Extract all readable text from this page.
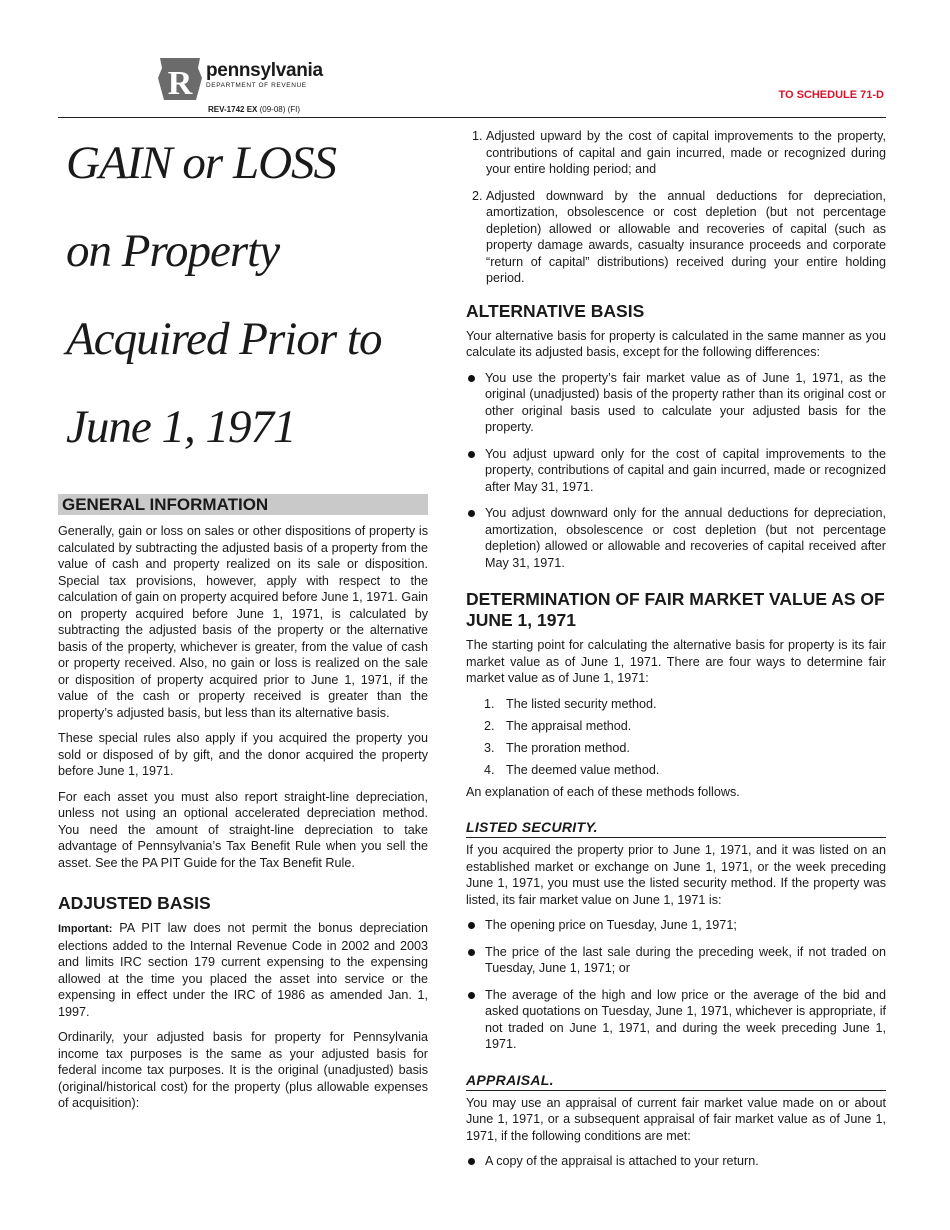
R pennsylvania
DEPARTMENT OF REVENUE
REV-1742 EX (09-08) (FI)
TO SCHEDULE 71-D
GAIN or LOSS
on Property
Acquired Prior to
June 1, 1971
GENERAL INFORMATION

Generally, gain or loss on sales or other dispositions of property is calculated by subtracting the adjusted basis of a property from the value of cash and property realized on its sale or disposition. Special tax provisions, however, apply with respect to the calculation of gain on property acquired before June 1, 1971. Gain on property acquired before June 1, 1971, is calculated by subtracting the adjusted basis of the property or the alternative basis of the property, whichever is greater, from the value of cash or property received. Also, no gain or loss is realized on the sale or disposition of property acquired prior to June 1, 1971, if the value of the cash or property received is greater than the property’s adjusted basis, but less than its alternative basis.

These special rules also apply if you acquired the property you sold or disposed of by gift, and the donor acquired the property before June 1, 1971.

For each asset you must also report straight-line depreciation, unless not using an optional accelerated depreciation method. You need the amount of straight-line depreciation to take advantage of Pennsylvania’s Tax Benefit Rule when you sell the asset. See the PA PIT Guide for the Tax Benefit Rule.

ADJUSTED BASIS

Important: PA PIT law does not permit the bonus depreciation elections added to the Internal Revenue Code in 2002 and 2003 and limits IRC section 179 current expensing to the expensing allowed at the time you placed the asset into service or the expensing in effect under the IRC of 1986 as amended Jan. 1, 1997.

Ordinarily, your adjusted basis for property for Pennsylvania income tax purposes is the same as your adjusted basis for federal income tax purposes. It is the original (unadjusted) basis (original/historical cost) for the property (plus allowable expenses of acquisition):

1. Adjusted upward by the cost of capital improvements to the property, contributions of capital and gain incurred, made or recognized during your entire holding period; and
2. Adjusted downward by the annual deductions for depreciation, amortization, obsolescence or cost depletion (but not percentage depletion) allowed or allowable and recoveries of capital (such as property damage awards, casualty insurance proceeds and corporate “return of capital” distributions) received during your entire holding period.
ALTERNATIVE BASIS

Your alternative basis for property is calculated in the same manner as you calculate its adjusted basis, except for the following differences:

You use the property’s fair market value as of June 1, 1971, as the original (unadjusted) basis of the property rather than its original cost or other original basis used to calculate your adjusted basis for the property.
You adjust upward only for the cost of capital improvements to the property, contributions of capital and gain incurred, made or recognized after May 31, 1971.
You adjust downward only for the annual deductions for depreciation, amortization, obsolescence or cost depletion (but not percentage depletion) allowed or allowable and recoveries of capital received after May 31, 1971.
DETERMINATION OF FAIR MARKET VALUE AS OF JUNE 1, 1971

The starting point for calculating the alternative basis for property is its fair market value as of June 1, 1971. There are four ways to determine fair market value as of June 1, 1971:

1. The listed security method.
2. The appraisal method.
3. The proration method.
4. The deemed value method.

An explanation of each of these methods follows.

LISTED SECURITY.

If you acquired the property prior to June 1, 1971, and it was listed on an established market or exchange on June 1, 1971, or the week preceding June 1, 1971, you must use the listed security method. If the property was listed, its fair market value on June 1, 1971 is:

The opening price on Tuesday, June 1, 1971;
The price of the last sale during the preceding week, if not traded on Tuesday, June 1, 1971; or
The average of the high and low price or the average of the bid and asked quotations on Tuesday, June 1, 1971, whichever is appropriate, if not traded on June 1, 1971, and during the week preceding June 1, 1971.
APPRAISAL.

You may use an appraisal of current fair market value made on or about June 1, 1971, or a subsequent appraisal of fair market value as of June 1, 1971, if the following conditions are met:

A copy of the appraisal is attached to your return.
